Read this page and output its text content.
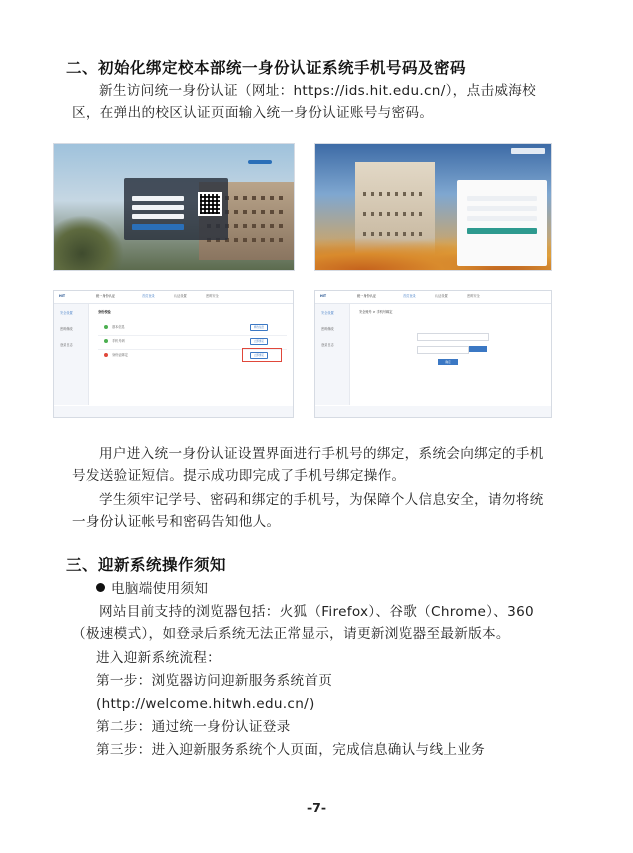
二、初始化绑定校本部统一身份认证系统手机号码及密码
新生访问统一身份认证（网址：https://ids.hit.edu.cn/），点击威海校
区，在弹出的校区认证页面输入统一身份认证账号与密码。
HIT	统一身份认证	首页登录	认证设置	密码安全
安全设置
密码修改
登录日志
身份校验
基本信息	修改信息
手机号码	立即绑定
身份证绑定	立即绑定
HIT	统一身份认证	首页登录	认证设置	密码安全
安全设置
密码修改
登录日志
安全账号 > 手机号绑定
确定
用户进入统一身份认证设置界面进行手机号的绑定，系统会向绑定的手机
号发送验证短信。提示成功即完成了手机号绑定操作。
学生须牢记学号、密码和绑定的手机号，为保障个人信息安全，请勿将统
一身份认证帐号和密码告知他人。
三、迎新系统操作须知
电脑端使用须知
网站目前支持的浏览器包括：火狐（Firefox）、谷歌（Chrome）、360
（极速模式），如登录后系统无法正常显示，请更新浏览器至最新版本。
进入迎新系统流程：
第一步：浏览器访问迎新服务系统首页
(http://welcome.hitwh.edu.cn/)
第二步：通过统一身份认证登录
第三步：进入迎新服务系统个人页面，完成信息确认与线上业务
-7-
